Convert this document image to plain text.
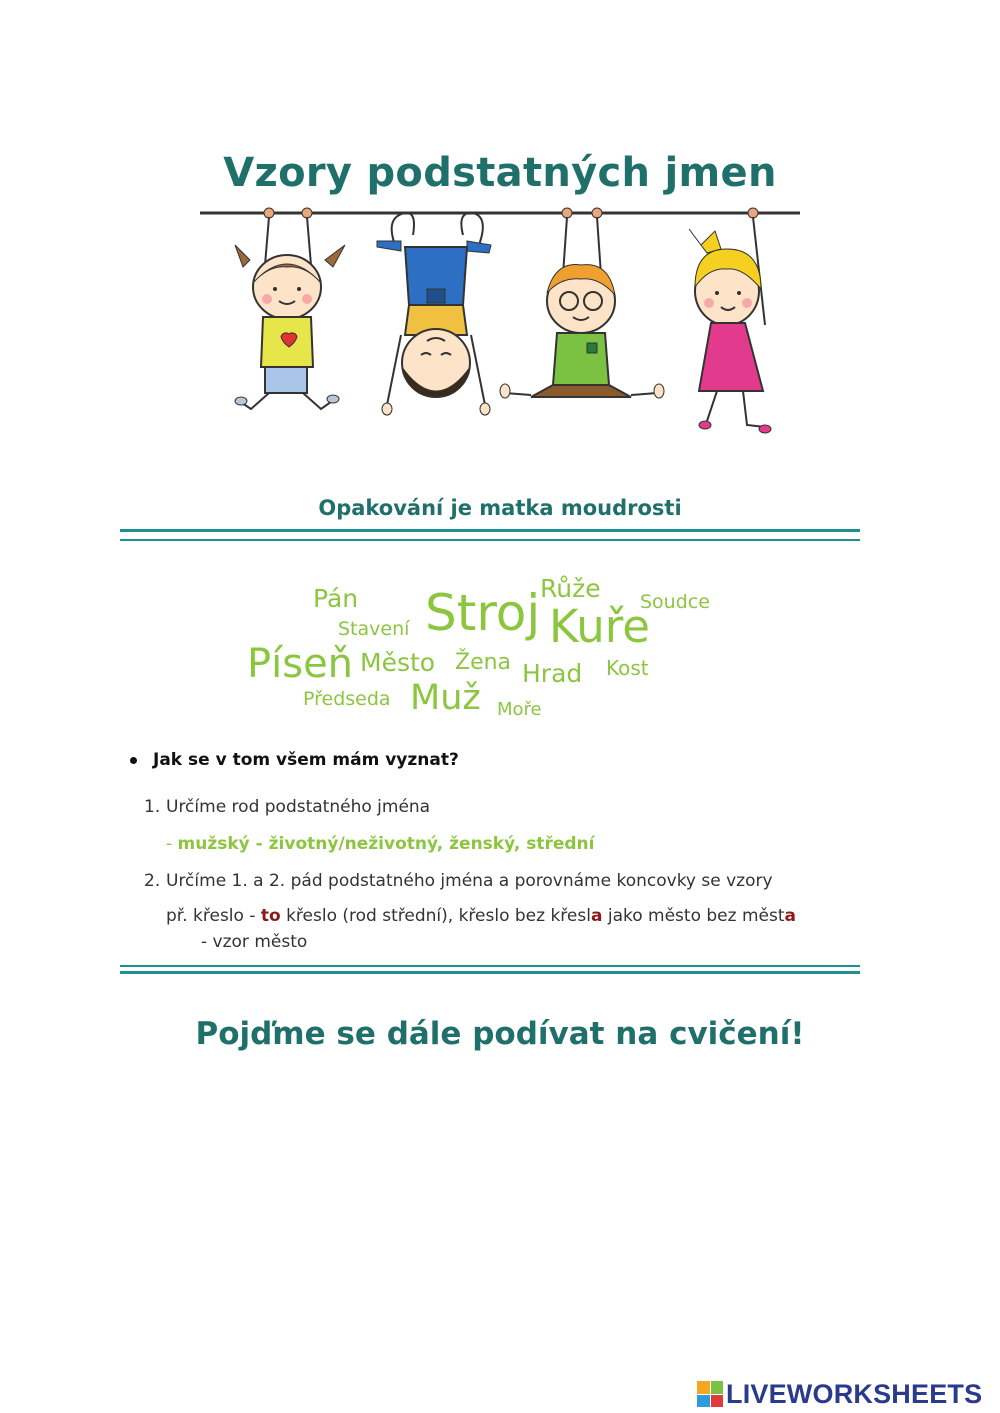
Vzory podstatných jmen
Opakování je matka moudrosti
Pán Stroj Růže Soudce
Stavení	Kuře
Píseň Město Žena Hrad Kost
Předseda Muž Moře
Jak se v tom všem mám vyznat?
1. Určíme rod podstatného jména
- mužský - životný/neživotný, ženský, střední
2. Určíme 1. a 2. pád podstatného jména a porovnáme koncovky se vzory
př. křeslo - to křeslo (rod střední), křeslo bez křesla jako město bez města
- vzor město
Pojďme se dále podívat na cvičení!
LIVEWORKSHEETS
